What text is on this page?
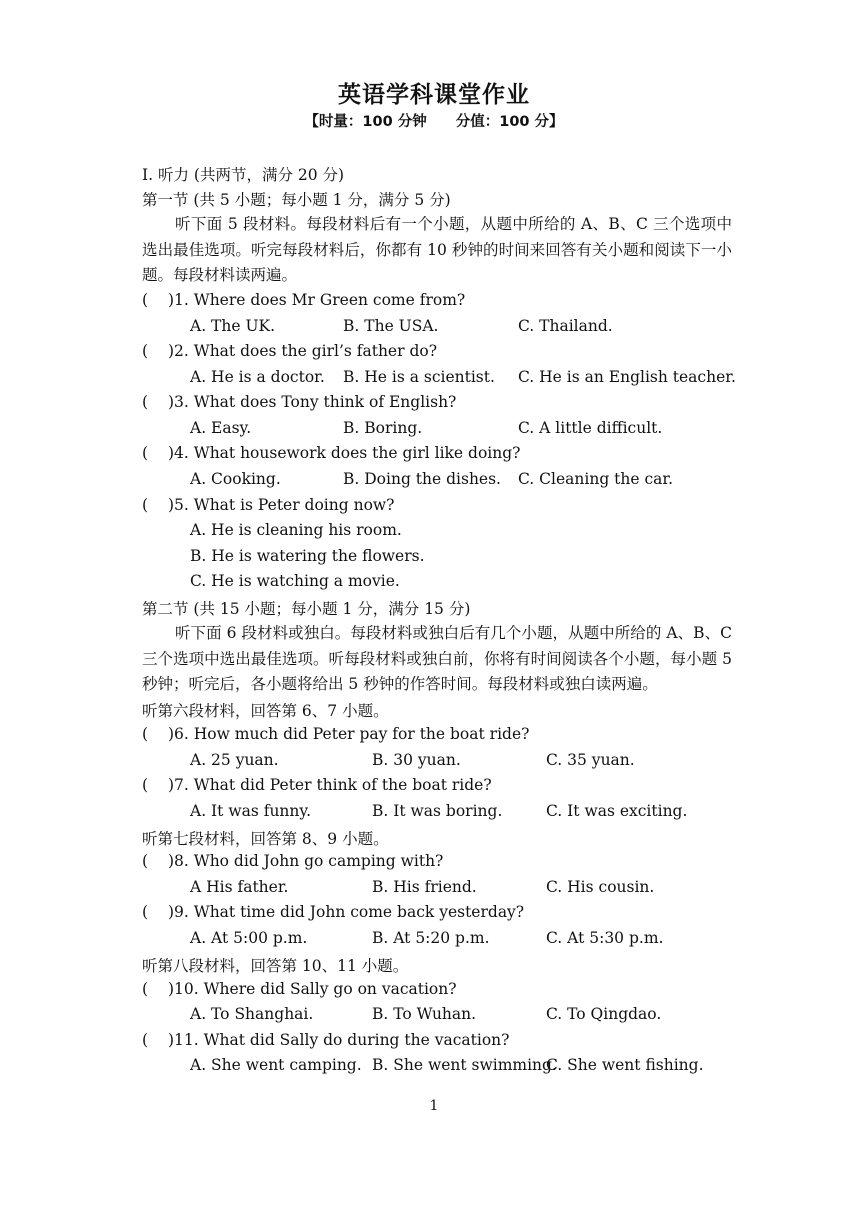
英语学科课堂作业
【时量：100 分钟　　分值：100 分】
I. 听力 (共两节，满分 20 分)
第一节 (共 5 小题；每小题 1 分，满分 5 分)
听下面 5 段材料。每段材料后有一个小题，从题中所给的 A、B、C 三个选项中选出最佳选项。听完每段材料后，你都有 10 秒钟的时间来回答有关小题和阅读下一小题。每段材料读两遍。
( )1. Where does Mr Green come from?
A. The UK.	B. The USA.	C. Thailand.
( )2. What does the girl’s father do?
A. He is a doctor. B. He is a scientist. C. He is an English teacher.
( )3. What does Tony think of English?
A. Easy.	B. Boring.	C. A little difficult.
( )4. What housework does the girl like doing?
A. Cooking.	B. Doing the dishes. C. Cleaning the car.
( )5. What is Peter doing now?
A. He is cleaning his room.
B. He is watering the flowers.
C. He is watching a movie.
第二节 (共 15 小题；每小题 1 分，满分 15 分)
听下面 6 段材料或独白。每段材料或独白后有几个小题，从题中所给的 A、B、C 三个选项中选出最佳选项。听每段材料或独白前，你将有时间阅读各个小题，每小题 5 秒钟；听完后，各小题将给出 5 秒钟的作答时间。每段材料或独白读两遍。
听第六段材料，回答第 6、7 小题。
( )6. How much did Peter pay for the boat ride?
A. 25 yuan.	B. 30 yuan.	C. 35 yuan.
( )7. What did Peter think of the boat ride?
A. It was funny.	B. It was boring.	C. It was exciting.
听第七段材料，回答第 8、9 小题。
( )8. Who did John go camping with?
A His father.	B. His friend.	C. His cousin.
( )9. What time did John come back yesterday?
A. At 5:00 p.m.	B. At 5:20 p.m.	C. At 5:30 p.m.
听第八段材料，回答第 10、11 小题。
( )10. Where did Sally go on vacation?
A. To Shanghai.	B. To Wuhan.	C. To Qingdao.
( )11. What did Sally do during the vacation?
A. She went camping. B. She went swimming.
C. She went fishing.
1
